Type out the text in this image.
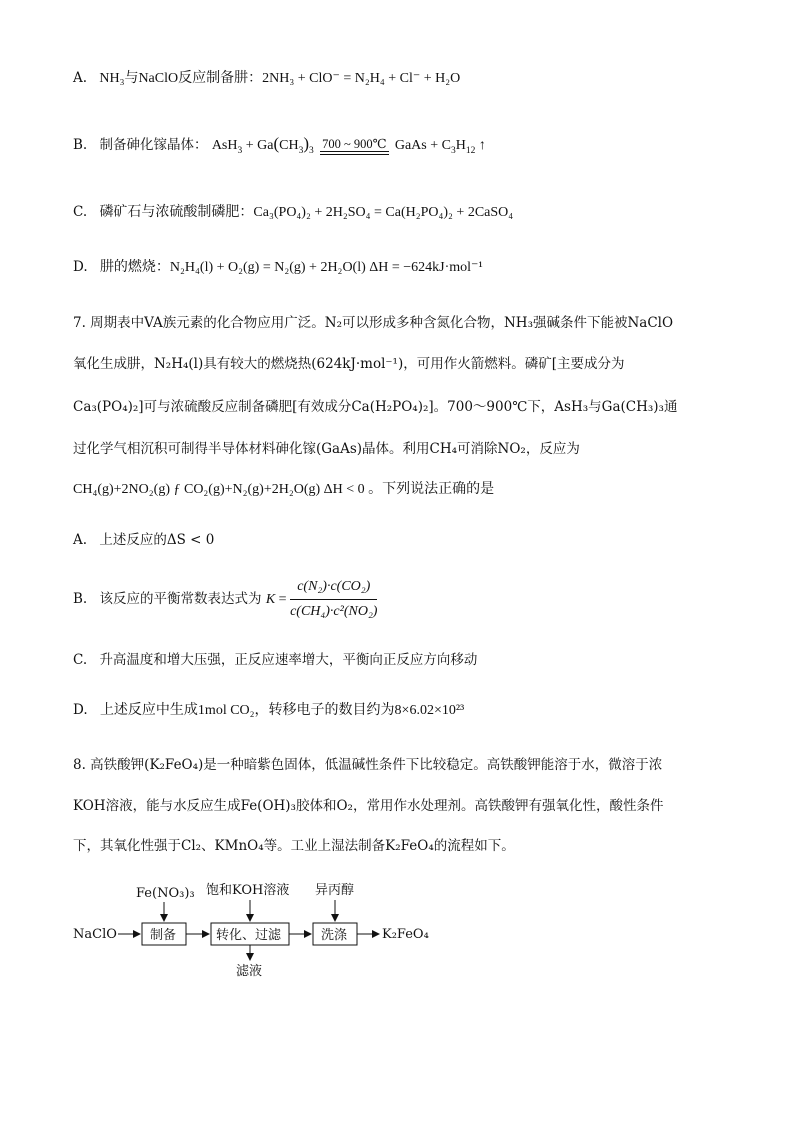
A. NH₃与NaClO反应制备肼：2NH₃ + ClO⁻ = N₂H₄ + Cl⁻ + H₂O
B. 制备砷化镓晶体： $AsH_3 + Ga(CH_3)_3$
700 ~ 900℃ GaAs + $C_3H_{12}$ ↑
C. 磷矿石与浓硫酸制磷肥：Ca₃(PO₄)₂ + 2H₂SO₄ = Ca(H₂PO₄)₂ + 2CaSO₄
D. 肼的燃烧：N₂H₄(l) + O₂(g) = N₂(g) + 2H₂O(l) ΔH = −624kJ·mol⁻¹
7. 周期表中VA族元素的化合物应用广泛。N₂可以形成多种含氮化合物，NH₃强碱条件下能被NaClO
氧化生成肼，N₂H₄(l)具有较大的燃烧热(624kJ·mol⁻¹)，可用作火箭燃料。磷矿[主要成分为
Ca₃(PO₄)₂]可与浓硫酸反应制备磷肥[有效成分Ca(H₂PO₄)₂]。700～900℃下，AsH₃与Ga(CH₃)₃通
过化学气相沉积可制得半导体材料砷化镓(GaAs)晶体。利用CH₄可消除NO₂，反应为
CH₄(g)+2NO₂(g) ƒ CO₂(g)+N₂(g)+2H₂O(g) ΔH < 0 。下列说法正确的是
A. 上述反应的ΔS < 0
B. 该反应的平衡常数表达式为 $K = \frac{\text{c(N₂)·c(CO₂)}}{\text{c(CH₄)·c²(NO₂)}}$
C. 升高温度和增大压强，正反应速率增大，平衡向正反应方向移动
D. 上述反应中生成1mol CO₂，转移电子的数目约为8×6.02×10²³
8. 高铁酸钾(K₂FeO₄)是一种暗紫色固体，低温碱性条件下比较稳定。高铁酸钾能溶于水，微溶于浓
KOH溶液，能与水反应生成Fe(OH)₃胶体和O₂，常用作水处理剂。高铁酸钾有强氧化性，酸性条件
下，其氧化性强于Cl₂、KMnO₄等。工业上湿法制备K₂FeO₄的流程如下。
NaClO	制备
Fe(NO₃)₃
转化、过滤
饱和KOH溶液
滤液
洗涤
异丙醇
K₂FeO₄
